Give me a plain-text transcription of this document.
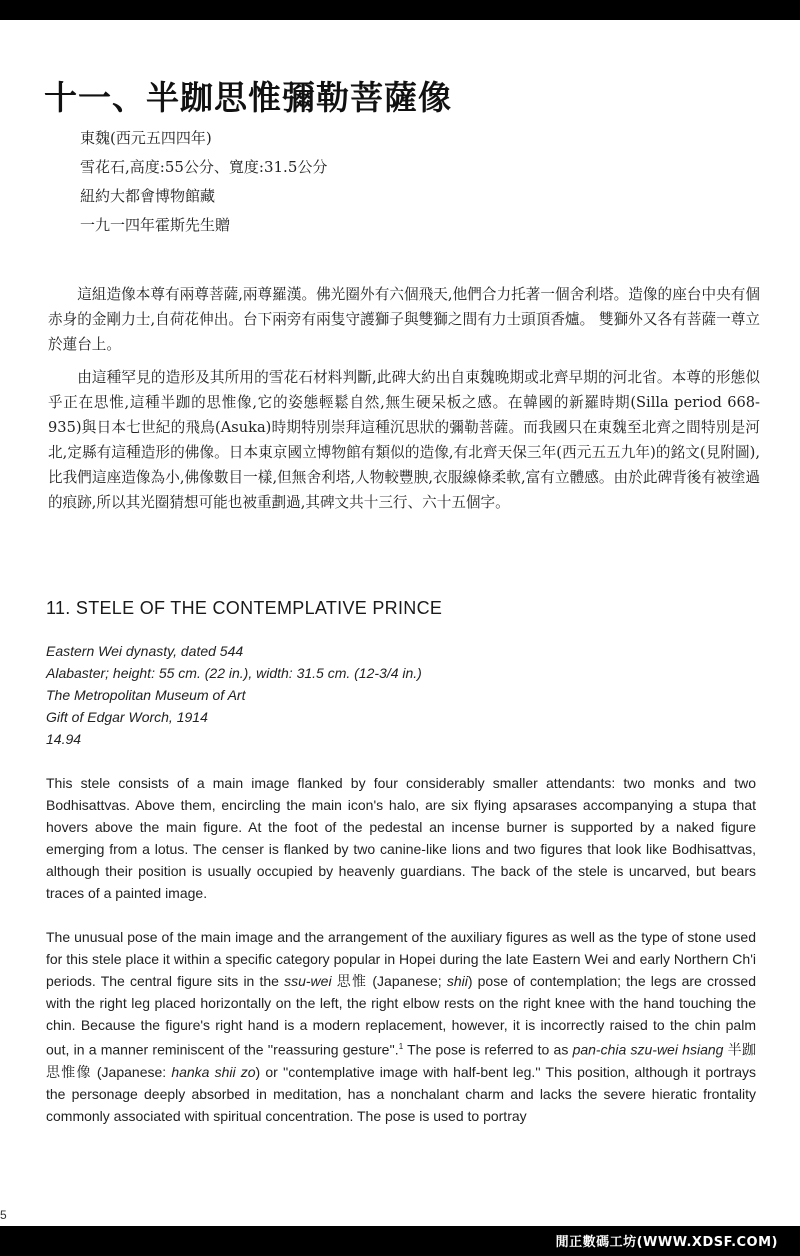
十一、半跏思惟彌勒菩薩像
東魏(西元五四四年)
雪花石,高度:55公分、寬度:31.5公分
紐約大都會博物館藏
一九一四年霍斯先生贈

這組造像本尊有兩尊菩薩,兩尊羅漢。佛光圈外有六個飛天,他們合力托著一個舍利塔。造像的座台中央有個赤身的金剛力士,自荷花伸出。台下兩旁有兩隻守護獅子與雙獅之間有力士頭頂香爐。 雙獅外又各有菩薩一尊立於蓮台上。

由這種罕見的造形及其所用的雪花石材料判斷,此碑大約出自東魏晚期或北齊早期的河北省。本尊的形態似乎正在思惟,這種半跏的思惟像,它的姿態輕鬆自然,無生硬呆板之感。在韓國的新羅時期(Silla period 668-935)與日本七世紀的飛鳥(Asuka)時期特別崇拜這種沉思狀的彌勒菩薩。而我國只在東魏至北齊之間特別是河北,定縣有這種造形的佛像。日本東京國立博物館有類似的造像,有北齊天保三年(西元五五九年)的銘文(見附圖),比我們這座造像為小,佛像數目一樣,但無舍利塔,人物較豐腴,衣服線條柔軟,富有立體感。由於此碑背後有被塗過的痕跡,所以其光圈猜想可能也被重劃過,其碑文共十三行、六十五個字。

11. STELE OF THE CONTEMPLATIVE PRINCE
Eastern Wei dynasty, dated 544
Alabaster; height: 55 cm. (22 in.), width: 31.5 cm. (12-3/4 in.)
The Metropolitan Museum of Art
Gift of Edgar Worch, 1914
14.94

This stele consists of a main image flanked by four considerably smaller attendants: two monks and two Bodhisattvas. Above them, encircling the main icon's halo, are six flying apsarases accompanying a stupa that hovers above the main figure. At the foot of the pedestal an incense burner is supported by a naked figure emerging from a lotus. The censer is flanked by two canine-like lions and two figures that look like Bodhisattvas, although their position is usually occupied by heavenly guardians. The back of the stele is uncarved, but bears traces of a painted image.

The unusual pose of the main image and the arrangement of the auxiliary figures as well as the type of stone used for this stele place it within a specific category popular in Hopei during the late Eastern Wei and early Northern Ch'i periods. The central figure sits in the ssu-wei 思惟 (Japanese; shii) pose of contemplation; the legs are crossed with the right leg placed horizontally on the left, the right elbow rests on the right knee with the hand touching the chin. Because the figure's right hand is a modern replacement, however, it is incorrectly raised to the chin palm out, in a manner reminiscent of the ''reassuring gesture''.$^1$ The pose is referred to as pan-chia szu-wei hsiang 半跏思惟像 (Japanese: hanka shii zo) or ''contemplative image with half-bent leg.'' This position, although it portrays the personage deeply absorbed in meditation, has a nonchalant charm and lacks the severe hieratic frontality commonly associated with spiritual concentration. The pose is used to portray

5
閒正數碼工坊(WWW.XDSF.COM)
